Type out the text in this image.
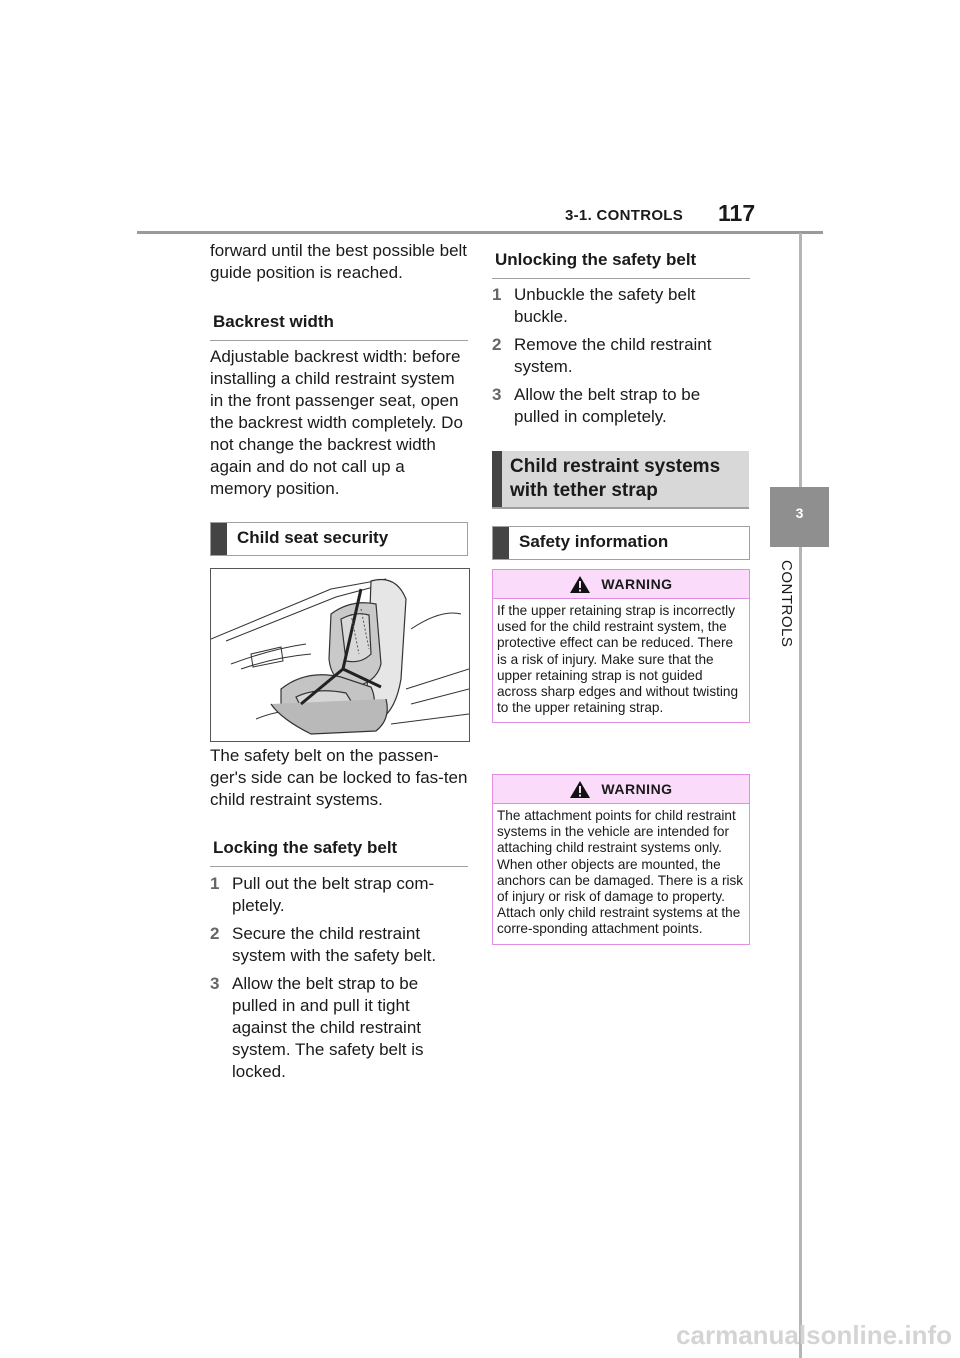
3-1. CONTROLS 117
3
CONTROLS
forward until the best possible belt guide position is reached.
Backrest width
Adjustable backrest width: before installing a child restraint system in the front passenger seat, open the backrest width completely. Do not change the backrest width again and do not call up a memory position.
Child seat security
The safety belt on the passen-ger's side can be locked to fas-ten child restraint systems.
Locking the safety belt
1 Pull out the belt strap com-pletely.
2 Secure the child restraint system with the safety belt.
3 Allow the belt strap to be pulled in and pull it tight against the child restraint system. The safety belt is locked.
Unlocking the safety belt
1 Unbuckle the safety belt buckle.
2 Remove the child restraint system.
3 Allow the belt strap to be pulled in completely.
Child restraint systems with tether strap
Safety information
WARNING
If the upper retaining strap is incorrectly used for the child restraint system, the protective effect can be reduced. There is a risk of injury. Make sure that the upper retaining strap is not guided across sharp edges and without twisting to the upper retaining strap.
WARNING
The attachment points for child restraint systems in the vehicle are intended for attaching child restraint systems only. When other objects are mounted, the anchors can be damaged. There is a risk of injury or risk of damage to property. Attach only child restraint systems at the corre-sponding attachment points.
carmanualsonline.info
